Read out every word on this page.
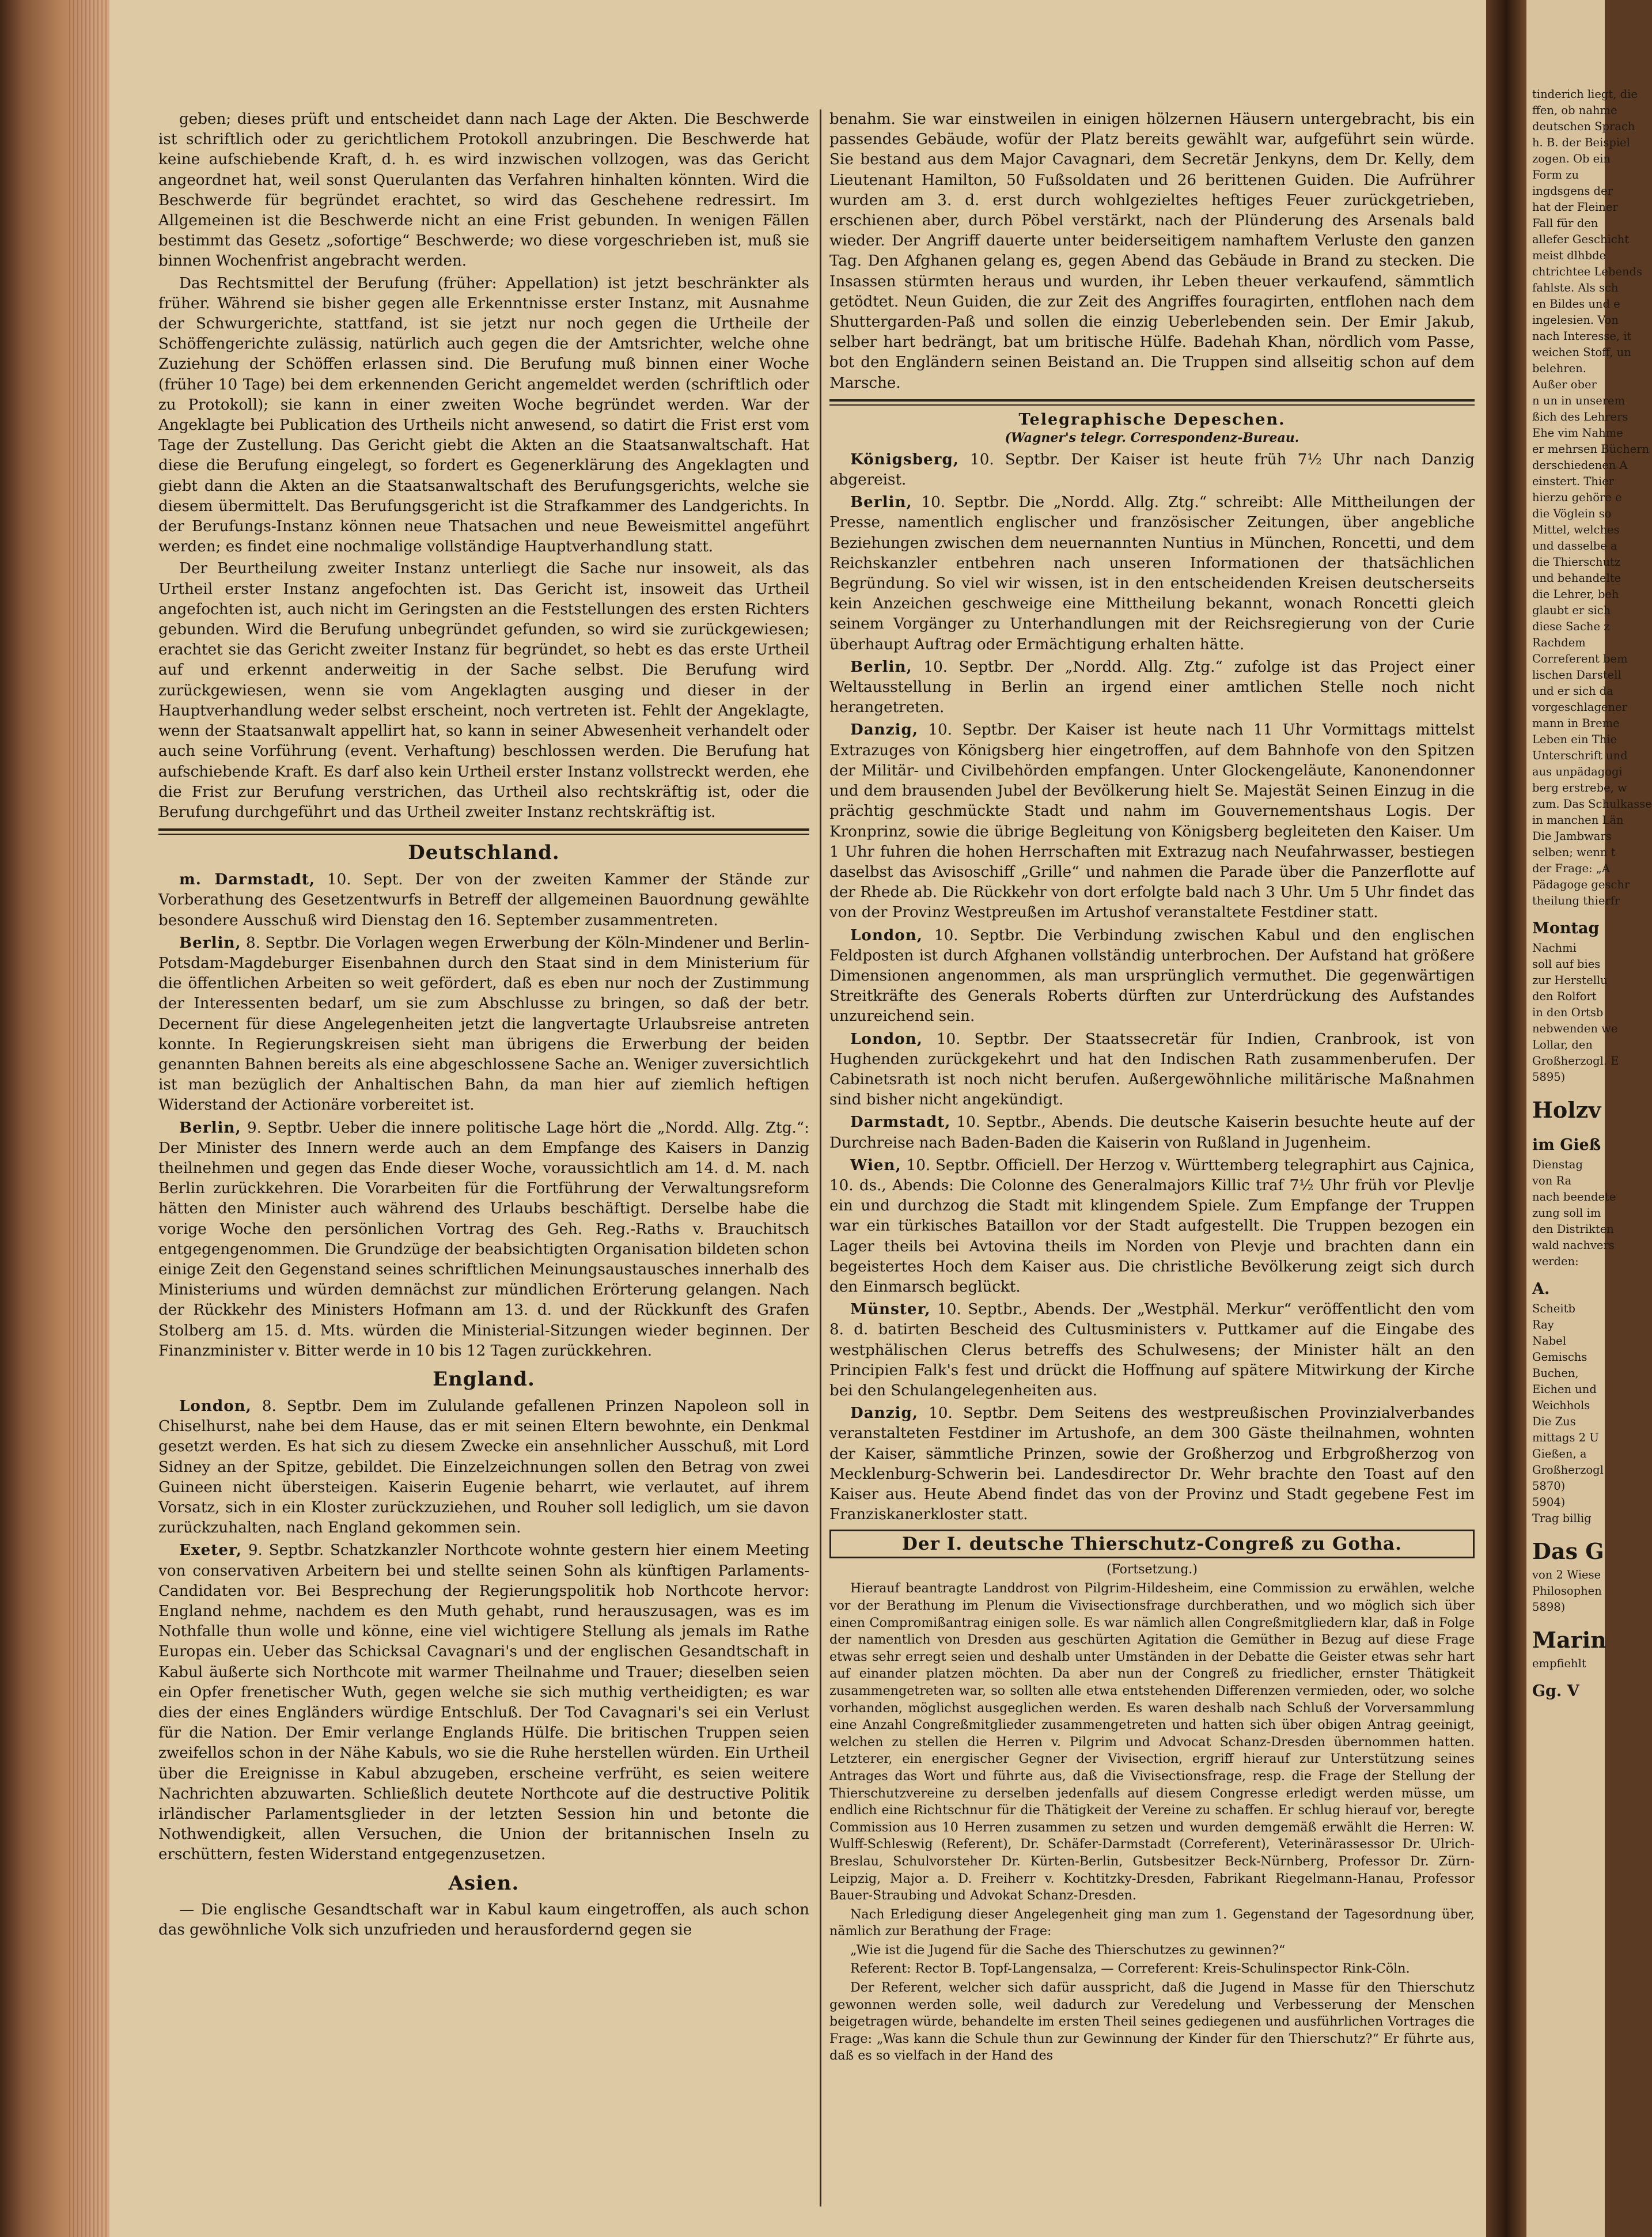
tinderich liegt, die
ffen, ob nahme
deutschen Sprach
h. B. der Beispiel
zogen. Ob ein
Form zu
ingdsgens der
hat der Fleiner
Fall für den
allefer Geschicht
meist dlhbde
chtrichtee Lebends
fahlste. Als sch
en Bildes und e
ingelesien. Von
nach Interesse, it
weichen Stoff, un
belehren.
Außer ober
n un in unserem
ßich des Lehrers
Ehe vim Nahme
er mehrsen Büchern
derschiedenen A
einstert. Thier
hierzu gehöre e
die Vöglein so
Mittel, welches
und dasselbe a
die Thierschutz
und behandelte
die Lehrer, beh
glaubt er sich
diese Sache z
Rachdem
Correferent bem
lischen Darstell
und er sich da
vorgeschlagener
mann in Breme
Leben ein Thie
Unterschrift und
aus unpädagogi
berg erstrebe, w
zum. Das Schulkasse
in manchen Län
Die Jambwars
selben; wenn t
der Frage: „A
Pädagoge geschr
theilung thierfr
Montag
Nachmi
soll auf bies
zur Herstellu
den Rolfort
in den Ortsb
nebwenden we
Lollar, den
Großherzogl. E
5895)
Holzv
im Gieß
Dienstag
von Ra
nach beendete
zung soll im
den Distrikten
wald nachvers
werden:
A.
Scheitb
Ray
Nabel
Gemischs
Buchen,
Eichen und
Weichhols
Die Zus
mittags 2 U
Gießen, a
Großherzogl
5870)
5904)
Trag billig
Das G
von 2 Wiese
Philosophen
5898)
Marin
empfiehlt
Gg. V

geben; dieses prüft und entscheidet dann nach Lage der Akten. Die Beschwerde ist schriftlich oder zu gerichtlichem Protokoll anzubringen. Die Beschwerde hat keine aufschiebende Kraft, d. h. es wird inzwischen vollzogen, was das Gericht angeordnet hat, weil sonst Querulanten das Verfahren hinhalten könnten. Wird die Beschwerde für begründet erachtet, so wird das Geschehene redressirt. Im Allgemeinen ist die Beschwerde nicht an eine Frist gebunden. In wenigen Fällen bestimmt das Gesetz „sofortige“ Beschwerde; wo diese vorgeschrieben ist, muß sie binnen Wochenfrist angebracht werden.

Das Rechtsmittel der Berufung (früher: Appellation) ist jetzt beschränkter als früher. Während sie bisher gegen alle Erkenntnisse erster Instanz, mit Ausnahme der Schwurgerichte, stattfand, ist sie jetzt nur noch gegen die Urtheile der Schöffengerichte zulässig, natürlich auch gegen die der Amtsrichter, welche ohne Zuziehung der Schöffen erlassen sind. Die Berufung muß binnen einer Woche (früher 10 Tage) bei dem erkennenden Gericht angemeldet werden (schriftlich oder zu Protokoll); sie kann in einer zweiten Woche begründet werden. War der Angeklagte bei Publication des Urtheils nicht anwesend, so datirt die Frist erst vom Tage der Zustellung. Das Gericht giebt die Akten an die Staatsanwaltschaft. Hat diese die Berufung eingelegt, so fordert es Gegenerklärung des Angeklagten und giebt dann die Akten an die Staatsanwaltschaft des Berufungsgerichts, welche sie diesem übermittelt. Das Berufungsgericht ist die Strafkammer des Landgerichts. In der Berufungs-Instanz können neue Thatsachen und neue Beweismittel angeführt werden; es findet eine nochmalige vollständige Hauptverhandlung statt.

Der Beurtheilung zweiter Instanz unterliegt die Sache nur insoweit, als das Urtheil erster Instanz angefochten ist. Das Gericht ist, insoweit das Urtheil angefochten ist, auch nicht im Geringsten an die Feststellungen des ersten Richters gebunden. Wird die Berufung unbegründet gefunden, so wird sie zurückgewiesen; erachtet sie das Gericht zweiter Instanz für begründet, so hebt es das erste Urtheil auf und erkennt anderweitig in der Sache selbst. Die Berufung wird zurückgewiesen, wenn sie vom Angeklagten ausging und dieser in der Hauptverhandlung weder selbst erscheint, noch vertreten ist. Fehlt der Angeklagte, wenn der Staatsanwalt appellirt hat, so kann in seiner Abwesenheit verhandelt oder auch seine Vorführung (event. Verhaftung) beschlossen werden. Die Berufung hat aufschiebende Kraft. Es darf also kein Urtheil erster Instanz vollstreckt werden, ehe die Frist zur Berufung verstrichen, das Urtheil also rechtskräftig ist, oder die Berufung durchgeführt und das Urtheil zweiter Instanz rechtskräftig ist.

Deutschland.

m. Darmstadt, 10. Sept. Der von der zweiten Kammer der Stände zur Vorberathung des Gesetzentwurfs in Betreff der allgemeinen Bauordnung gewählte besondere Ausschuß wird Dienstag den 16. September zusammentreten.

Berlin, 8. Septbr. Die Vorlagen wegen Erwerbung der Köln-Mindener und Berlin-Potsdam-Magdeburger Eisenbahnen durch den Staat sind in dem Ministerium für die öffentlichen Arbeiten so weit gefördert, daß es eben nur noch der Zustimmung der Interessenten bedarf, um sie zum Abschlusse zu bringen, so daß der betr. Decernent für diese Angelegenheiten jetzt die langvertagte Urlaubsreise antreten konnte. In Regierungskreisen sieht man übrigens die Erwerbung der beiden genannten Bahnen bereits als eine abgeschlossene Sache an. Weniger zuversichtlich ist man bezüglich der Anhaltischen Bahn, da man hier auf ziemlich heftigen Widerstand der Actionäre vorbereitet ist.

Berlin, 9. Septbr. Ueber die innere politische Lage hört die „Nordd. Allg. Ztg.“: Der Minister des Innern werde auch an dem Empfange des Kaisers in Danzig theilnehmen und gegen das Ende dieser Woche, voraussichtlich am 14. d. M. nach Berlin zurückkehren. Die Vorarbeiten für die Fortführung der Verwaltungsreform hätten den Minister auch während des Urlaubs beschäftigt. Derselbe habe die vorige Woche den persönlichen Vortrag des Geh. Reg.-Raths v. Brauchitsch entgegengenommen. Die Grundzüge der beabsichtigten Organisation bildeten schon einige Zeit den Gegenstand seines schriftlichen Meinungsaustausches innerhalb des Ministeriums und würden demnächst zur mündlichen Erörterung gelangen. Nach der Rückkehr des Ministers Hofmann am 13. d. und der Rückkunft des Grafen Stolberg am 15. d. Mts. würden die Ministerial-Sitzungen wieder beginnen. Der Finanzminister v. Bitter werde in 10 bis 12 Tagen zurückkehren.

England.

London, 8. Septbr. Dem im Zululande gefallenen Prinzen Napoleon soll in Chiselhurst, nahe bei dem Hause, das er mit seinen Eltern bewohnte, ein Denkmal gesetzt werden. Es hat sich zu diesem Zwecke ein ansehnlicher Ausschuß, mit Lord Sidney an der Spitze, gebildet. Die Einzelzeichnungen sollen den Betrag von zwei Guineen nicht übersteigen. Kaiserin Eugenie beharrt, wie verlautet, auf ihrem Vorsatz, sich in ein Kloster zurückzuziehen, und Rouher soll lediglich, um sie davon zurückzuhalten, nach England gekommen sein.

Exeter, 9. Septbr. Schatzkanzler Northcote wohnte gestern hier einem Meeting von conservativen Arbeitern bei und stellte seinen Sohn als künftigen Parlaments-Candidaten vor. Bei Besprechung der Regierungspolitik hob Northcote hervor: England nehme, nachdem es den Muth gehabt, rund herauszusagen, was es im Nothfalle thun wolle und könne, eine viel wichtigere Stellung als jemals im Rathe Europas ein. Ueber das Schicksal Cavagnari's und der englischen Gesandtschaft in Kabul äußerte sich Northcote mit warmer Theilnahme und Trauer; dieselben seien ein Opfer frenetischer Wuth, gegen welche sie sich muthig vertheidigten; es war dies der eines Engländers würdige Entschluß. Der Tod Cavagnari's sei ein Verlust für die Nation. Der Emir verlange Englands Hülfe. Die britischen Truppen seien zweifellos schon in der Nähe Kabuls, wo sie die Ruhe herstellen würden. Ein Urtheil über die Ereignisse in Kabul abzugeben, erscheine verfrüht, es seien weitere Nachrichten abzuwarten. Schließlich deutete Northcote auf die destructive Politik irländischer Parlamentsglieder in der letzten Session hin und betonte die Nothwendigkeit, allen Versuchen, die Union der britannischen Inseln zu erschüttern, festen Widerstand entgegenzusetzen.

Asien.

— Die englische Gesandtschaft war in Kabul kaum eingetroffen, als auch schon das gewöhnliche Volk sich unzufrieden und herausfordernd gegen sie

benahm. Sie war einstweilen in einigen hölzernen Häusern untergebracht, bis ein passendes Gebäude, wofür der Platz bereits gewählt war, aufgeführt sein würde. Sie bestand aus dem Major Cavagnari, dem Secretär Jenkyns, dem Dr. Kelly, dem Lieutenant Hamilton, 50 Fußsoldaten und 26 berittenen Guiden. Die Aufrührer wurden am 3. d. erst durch wohlgezieltes heftiges Feuer zurückgetrieben, erschienen aber, durch Pöbel verstärkt, nach der Plünderung des Arsenals bald wieder. Der Angriff dauerte unter beiderseitigem namhaftem Verluste den ganzen Tag. Den Afghanen gelang es, gegen Abend das Gebäude in Brand zu stecken. Die Insassen stürmten heraus und wurden, ihr Leben theuer verkaufend, sämmtlich getödtet. Neun Guiden, die zur Zeit des Angriffes fouragirten, entflohen nach dem Shuttergarden-Paß und sollen die einzig Ueberlebenden sein. Der Emir Jakub, selber hart bedrängt, bat um britische Hülfe. Badehah Khan, nördlich vom Passe, bot den Engländern seinen Beistand an. Die Truppen sind allseitig schon auf dem Marsche.

Telegraphische Depeschen.
(Wagner's telegr. Correspondenz-Bureau.

Königsberg, 10. Septbr. Der Kaiser ist heute früh 7½ Uhr nach Danzig abgereist.

Berlin, 10. Septbr. Die „Nordd. Allg. Ztg.“ schreibt: Alle Mittheilungen der Presse, namentlich englischer und französischer Zeitungen, über angebliche Beziehungen zwischen dem neuernannten Nuntius in München, Roncetti, und dem Reichskanzler entbehren nach unseren Informationen der thatsächlichen Begründung. So viel wir wissen, ist in den entscheidenden Kreisen deutscherseits kein Anzeichen geschweige eine Mittheilung bekannt, wonach Roncetti gleich seinem Vorgänger zu Unterhandlungen mit der Reichsregierung von der Curie überhaupt Auftrag oder Ermächtigung erhalten hätte.

Berlin, 10. Septbr. Der „Nordd. Allg. Ztg.“ zufolge ist das Project einer Weltausstellung in Berlin an irgend einer amtlichen Stelle noch nicht herangetreten.

Danzig, 10. Septbr. Der Kaiser ist heute nach 11 Uhr Vormittags mittelst Extrazuges von Königsberg hier eingetroffen, auf dem Bahnhofe von den Spitzen der Militär- und Civilbehörden empfangen. Unter Glockengeläute, Kanonendonner und dem brausenden Jubel der Bevölkerung hielt Se. Majestät Seinen Einzug in die prächtig geschmückte Stadt und nahm im Gouvernementshaus Logis. Der Kronprinz, sowie die übrige Begleitung von Königsberg begleiteten den Kaiser. Um 1 Uhr fuhren die hohen Herrschaften mit Extrazug nach Neufahrwasser, bestiegen daselbst das Avisoschiff „Grille“ und nahmen die Parade über die Panzerflotte auf der Rhede ab. Die Rückkehr von dort erfolgte bald nach 3 Uhr. Um 5 Uhr findet das von der Provinz Westpreußen im Artushof veranstaltete Festdiner statt.

London, 10. Septbr. Die Verbindung zwischen Kabul und den englischen Feldposten ist durch Afghanen vollständig unterbrochen. Der Aufstand hat größere Dimensionen angenommen, als man ursprünglich vermuthet. Die gegenwärtigen Streitkräfte des Generals Roberts dürften zur Unterdrückung des Aufstandes unzureichend sein.

London, 10. Septbr. Der Staatssecretär für Indien, Cranbrook, ist von Hughenden zurückgekehrt und hat den Indischen Rath zusammenberufen. Der Cabinetsrath ist noch nicht berufen. Außergewöhnliche militärische Maßnahmen sind bisher nicht angekündigt.

Darmstadt, 10. Septbr., Abends. Die deutsche Kaiserin besuchte heute auf der Durchreise nach Baden-Baden die Kaiserin von Rußland in Jugenheim.

Wien, 10. Septbr. Officiell. Der Herzog v. Württemberg telegraphirt aus Cajnica, 10. ds., Abends: Die Colonne des Generalmajors Killic traf 7½ Uhr früh vor Plevlje ein und durchzog die Stadt mit klingendem Spiele. Zum Empfange der Truppen war ein türkisches Bataillon vor der Stadt aufgestellt. Die Truppen bezogen ein Lager theils bei Avtovina theils im Norden von Plevje und brachten dann ein begeistertes Hoch dem Kaiser aus. Die christliche Bevölkerung zeigt sich durch den Einmarsch beglückt.

Münster, 10. Septbr., Abends. Der „Westphäl. Merkur“ veröffentlicht den vom 8. d. batirten Bescheid des Cultusministers v. Puttkamer auf die Eingabe des westphälischen Clerus betreffs des Schulwesens; der Minister hält an den Principien Falk's fest und drückt die Hoffnung auf spätere Mitwirkung der Kirche bei den Schulangelegenheiten aus.

Danzig, 10. Septbr. Dem Seitens des westpreußischen Provinzialverbandes veranstalteten Festdiner im Artushofe, an dem 300 Gäste theilnahmen, wohnten der Kaiser, sämmtliche Prinzen, sowie der Großherzog und Erbgroßherzog von Mecklenburg-Schwerin bei. Landesdirector Dr. Wehr brachte den Toast auf den Kaiser aus. Heute Abend findet das von der Provinz und Stadt gegebene Fest im Franziskanerkloster statt.

Der I. deutsche Thierschutz-Congreß zu Gotha.
(Fortsetzung.)

Hierauf beantragte Landdrost von Pilgrim-Hildesheim, eine Commission zu erwählen, welche vor der Berathung im Plenum die Vivisectionsfrage durchberathen, und wo möglich sich über einen Compromißantrag einigen solle. Es war nämlich allen Congreßmitgliedern klar, daß in Folge der namentlich von Dresden aus geschürten Agitation die Gemüther in Bezug auf diese Frage etwas sehr erregt seien und deshalb unter Umständen in der Debatte die Geister etwas sehr hart auf einander platzen möchten. Da aber nun der Congreß zu friedlicher, ernster Thätigkeit zusammengetreten war, so sollten alle etwa entstehenden Differenzen vermieden, oder, wo solche vorhanden, möglichst ausgeglichen werden. Es waren deshalb nach Schluß der Vorversammlung eine Anzahl Congreßmitglieder zusammengetreten und hatten sich über obigen Antrag geeinigt, welchen zu stellen die Herren v. Pilgrim und Advocat Schanz-Dresden übernommen hatten. Letzterer, ein energischer Gegner der Vivisection, ergriff hierauf zur Unterstützung seines Antrages das Wort und führte aus, daß die Vivisectionsfrage, resp. die Frage der Stellung der Thierschutzvereine zu derselben jedenfalls auf diesem Congresse erledigt werden müsse, um endlich eine Richtschnur für die Thätigkeit der Vereine zu schaffen. Er schlug hierauf vor, beregte Commission aus 10 Herren zusammen zu setzen und wurden demgemäß erwählt die Herren: W. Wulff-Schleswig (Referent), Dr. Schäfer-Darmstadt (Correferent), Veterinärassessor Dr. Ulrich-Breslau, Schulvorsteher Dr. Kürten-Berlin, Gutsbesitzer Beck-Nürnberg, Professor Dr. Zürn-Leipzig, Major a. D. Freiherr v. Kochtitzky-Dresden, Fabrikant Riegelmann-Hanau, Professor Bauer-Straubing und Advokat Schanz-Dresden.

Nach Erledigung dieser Angelegenheit ging man zum 1. Gegenstand der Tagesordnung über, nämlich zur Berathung der Frage:

„Wie ist die Jugend für die Sache des Thierschutzes zu gewinnen?“

Referent: Rector B. Topf-Langensalza, — Correferent: Kreis-Schulinspector Rink-Cöln.

Der Referent, welcher sich dafür ausspricht, daß die Jugend in Masse für den Thierschutz gewonnen werden solle, weil dadurch zur Veredelung und Verbesserung der Menschen beigetragen würde, behandelte im ersten Theil seines gediegenen und ausführlichen Vortrages die Frage: „Was kann die Schule thun zur Gewinnung der Kinder für den Thierschutz?“ Er führte aus, daß es so vielfach in der Hand des
